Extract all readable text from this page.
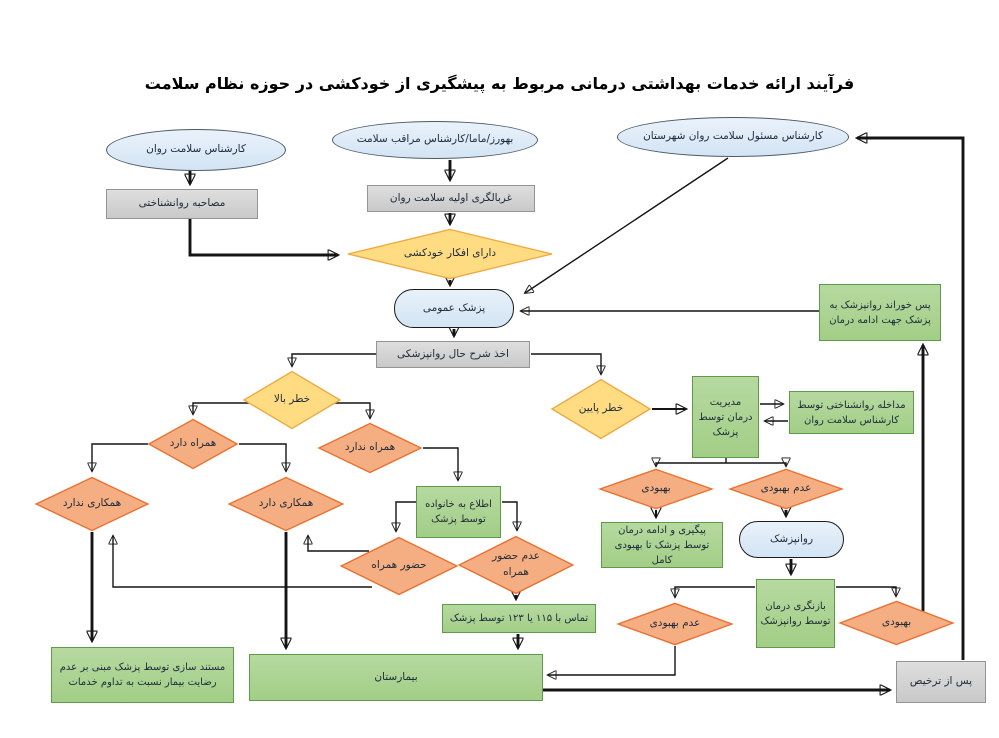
فرآیند ارائه خدمات بهداشتی درمانی مربوط به پیشگیری از خودکشی در حوزه نظام سلامت
کارشناس سلامت روان
بهورز/ماما/کارشناس مراقب سلامت	کارشناس مسئول سلامت روان شهرستان
مصاحبه روانشناختی	غربالگری اولیه سلامت روان
دارای افکار خودکشی
پزشک عمومی
اخذ شرح حال روانپزشکی
خطر بالا
خطر پایین
همراه دارد	همراه ندارد
همکاری ندارد	همکاری دارد	اطلاع به خانواده توسط پزشک
حضور همراه
عدم حضور همراه
تماس با ۱۱۵ یا ۱۲۳ توسط پزشک
بیمارستان
مستند سازی توسط پزشک مبنی بر عدم رضایت بیمار نسبت به تداوم خدمات
مدیریت درمان توسط پزشک
مداخله روانشناختی توسط کارشناس سلامت روان
پس خوراند روانپزشک به پزشک جهت ادامه درمان
بهبودی	عدم بهبودی
پیگیری و ادامه درمان توسط پزشک تا بهبودی کامل
روانپزشک
بازنگری درمان توسط روانپزشک
عدم بهبودی	بهبودی
پس از ترخیص
